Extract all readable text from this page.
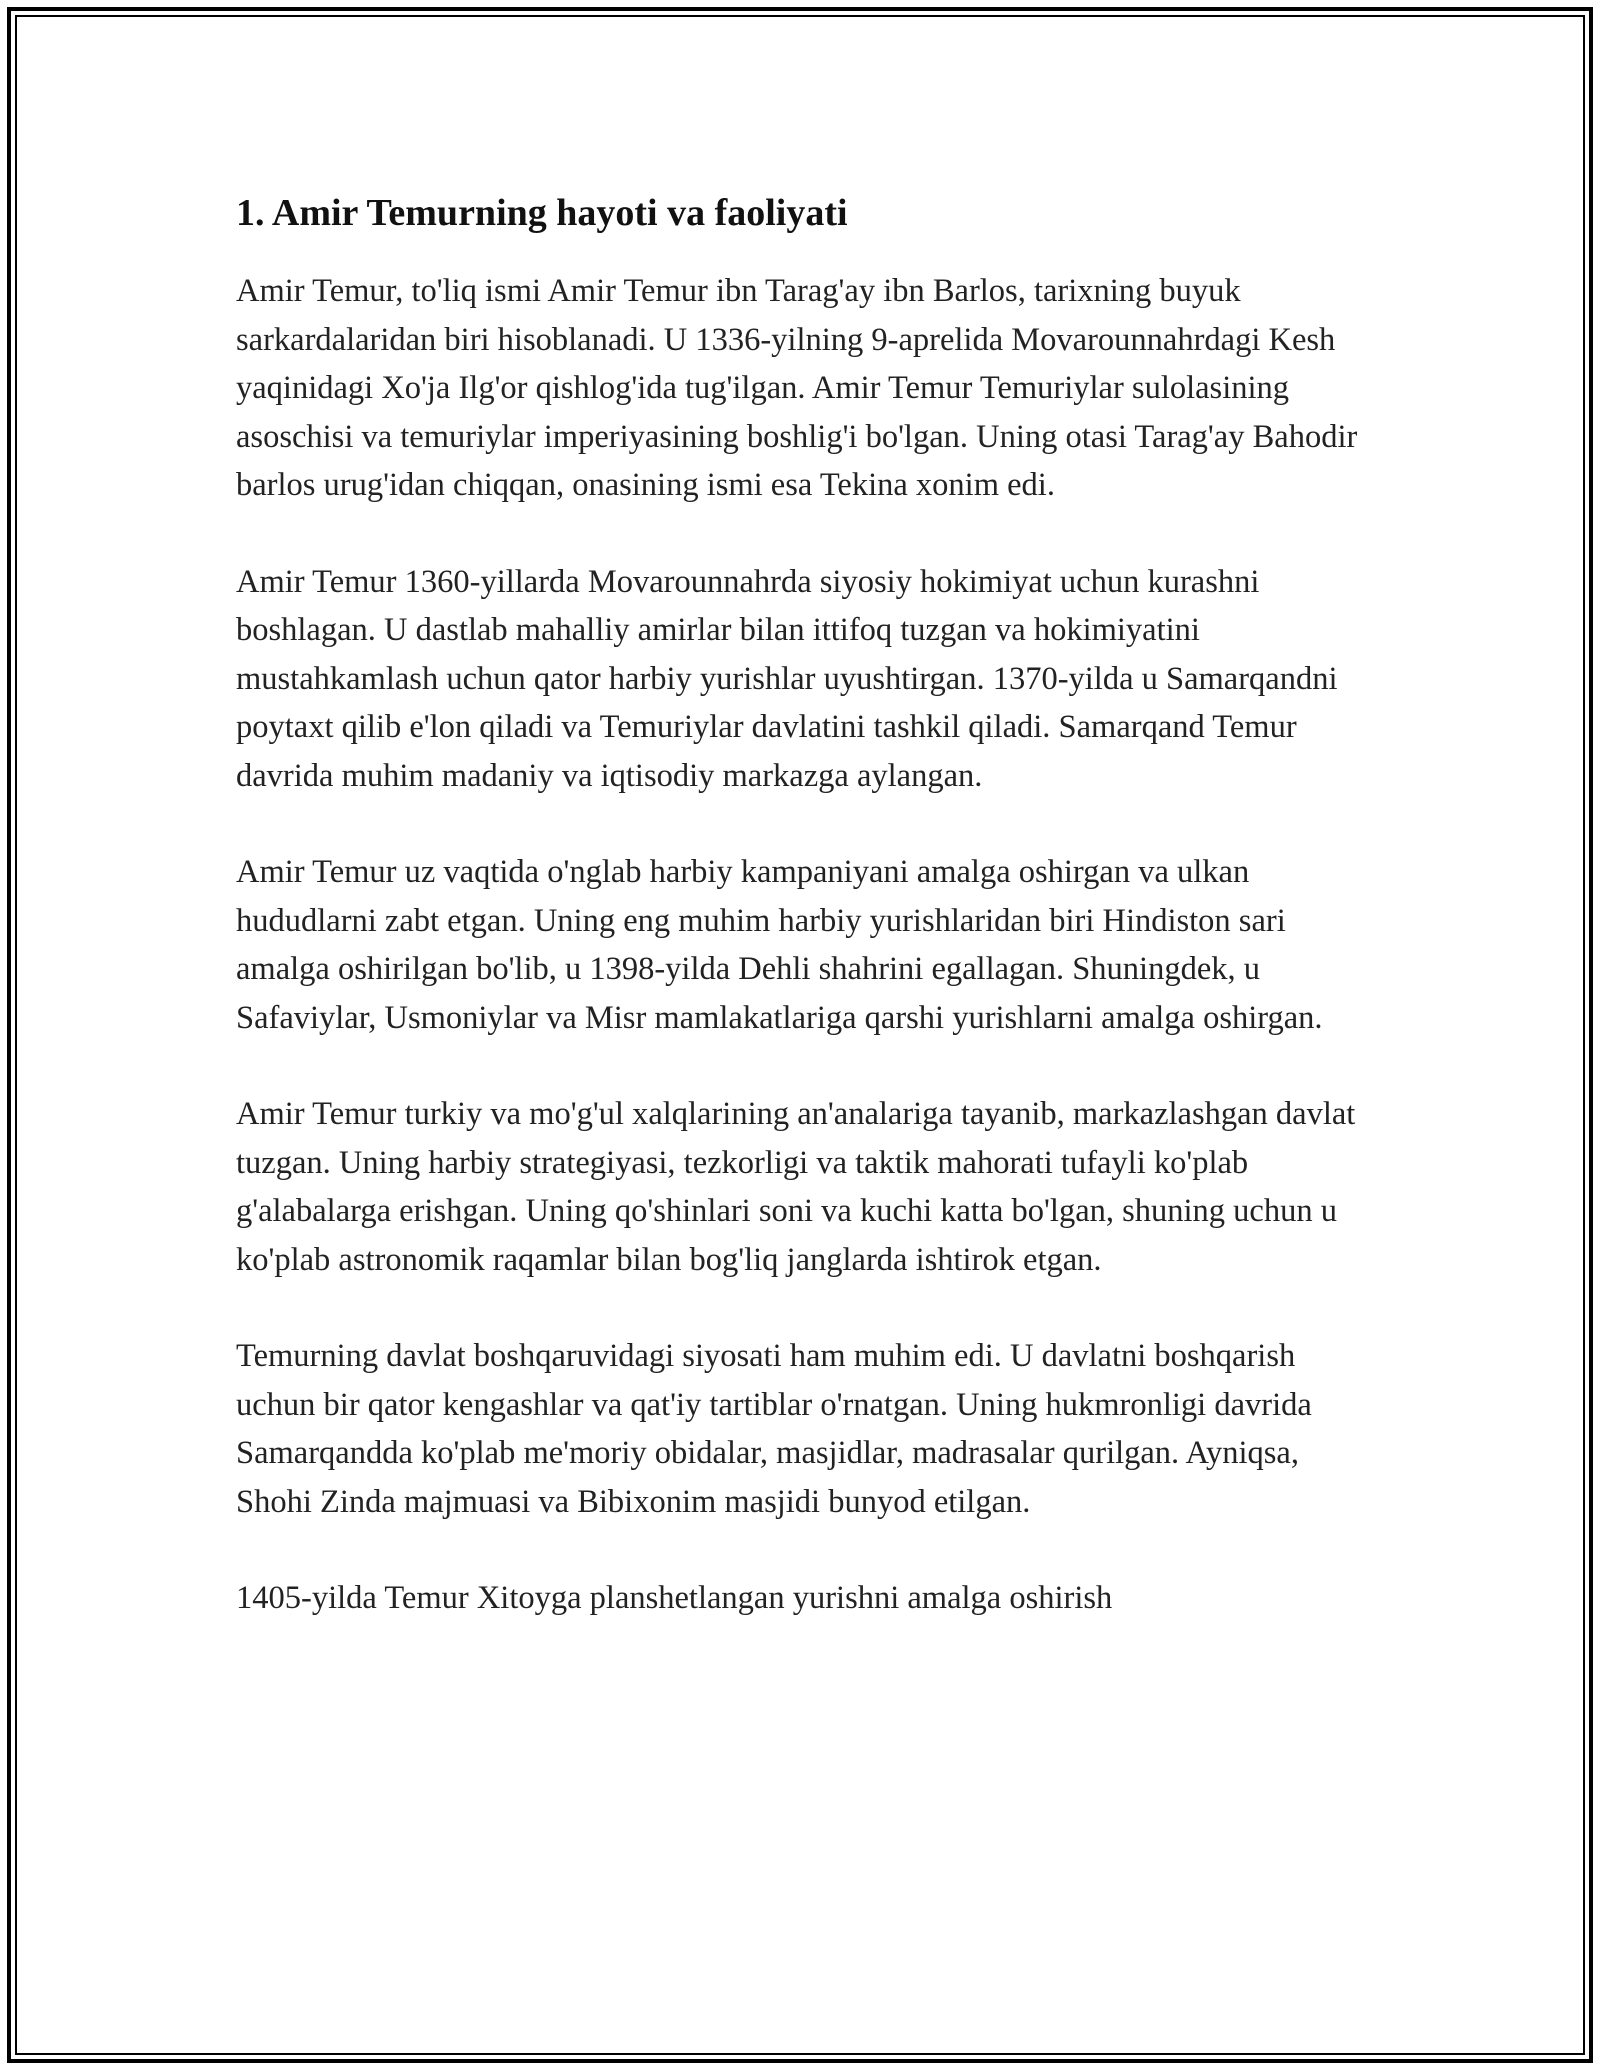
1. Amir Temurning hayoti va faoliyati

Amir Temur, to'liq ismi Amir Temur ibn Tarag'ay ibn Barlos, tarixning buyuk sarkardalaridan biri hisoblanadi. U 1336-yilning 9-aprelida Movarounnahrdagi Kesh yaqinidagi Xo'ja Ilg'or qishlog'ida tug'ilgan. Amir Temur Temuriylar sulolasining asoschisi va temuriylar imperiyasining boshlig'i bo'lgan. Uning otasi Tarag'ay Bahodir barlos urug'idan chiqqan, onasining ismi esa Tekina xonim edi.

Amir Temur 1360-yillarda Movarounnahrda siyosiy hokimiyat uchun kurashni boshlagan. U dastlab mahalliy amirlar bilan ittifoq tuzgan va hokimiyatini mustahkamlash uchun qator harbiy yurishlar uyushtirgan. 1370-yilda u Samarqandni poytaxt qilib e'lon qiladi va Temuriylar davlatini tashkil qiladi. Samarqand Temur davrida muhim madaniy va iqtisodiy markazga aylangan.

Amir Temur uz vaqtida o'nglab harbiy kampaniyani amalga oshirgan va ulkan hududlarni zabt etgan. Uning eng muhim harbiy yurishlaridan biri Hindiston sari amalga oshirilgan bo'lib, u 1398-yilda Dehli shahrini egallagan. Shuningdek, u Safaviylar, Usmoniylar va Misr mamlakatlariga qarshi yurishlarni amalga oshirgan.

Amir Temur turkiy va mo'g'ul xalqlarining an'analariga tayanib, markazlashgan davlat tuzgan. Uning harbiy strategiyasi, tezkorligi va taktik mahorati tufayli ko'plab g'alabalarga erishgan. Uning qo'shinlari soni va kuchi katta bo'lgan, shuning uchun u ko'plab astronomik raqamlar bilan bog'liq janglarda ishtirok etgan.

Temurning davlat boshqaruvidagi siyosati ham muhim edi. U davlatni boshqarish uchun bir qator kengashlar va qat'iy tartiblar o'rnatgan. Uning hukmronligi davrida Samarqandda ko'plab me'moriy obidalar, masjidlar, madrasalar qurilgan. Ayniqsa, Shohi Zinda majmuasi va Bibixonim masjidi bunyod etilgan.

1405-yilda Temur Xitoyga planshetlangan yurishni amalga oshirish
